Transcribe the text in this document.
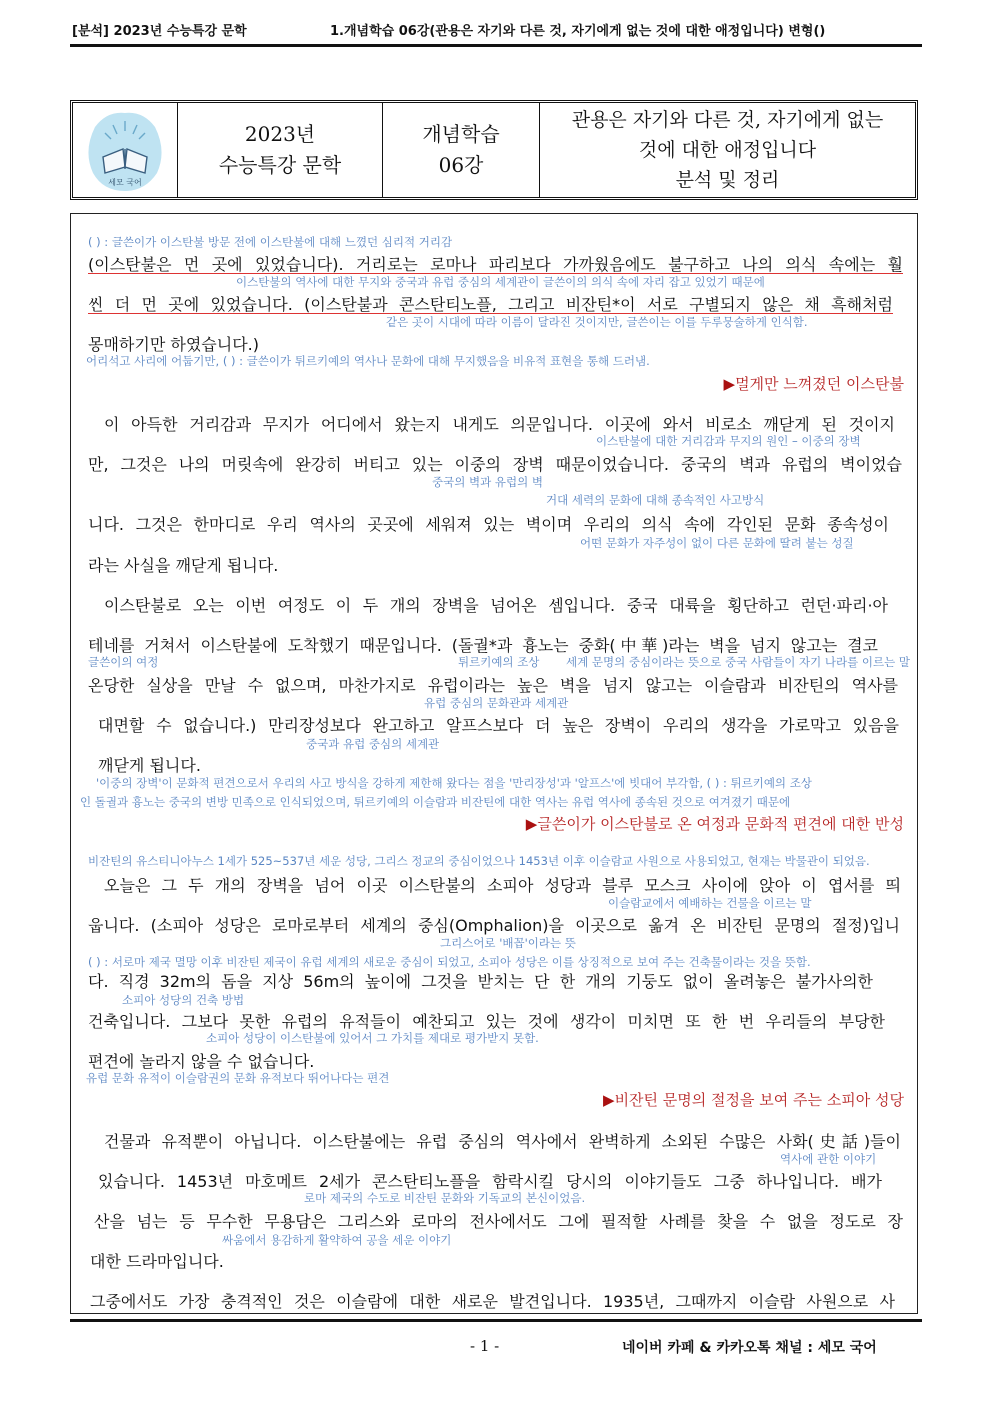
[분석] 2023년 수능특강 문학	1.개념학습 06강(관용은 자기와 다른 것, 자기에게 없는 것에 대한 애정입니다) 변형()
세모 국어
2023년
수능특강 문학
개념학습
06강
관용은 자기와 다른 것, 자기에게 없는
것에 대한 애정입니다
분석 및 정리
( ) : 글쓴이가 이스탄불 방문 전에 이스탄불에 대해 느꼈던 심리적 거리감
(이스탄불은 먼 곳에 있었습니다). 거리로는 로마나 파리보다 가까웠음에도 불구하고 나의 의식 속에는 훨
이스탄불의 역사에 대한 무지와 중국과 유럽 중심의 세계관이 글쓴이의 의식 속에 자리 잡고 있었기 때문에
씬 더 먼 곳에 있었습니다. (이스탄불과 콘스탄티노플, 그리고 비잔틴*이 서로 구별되지 않은 채 흑해처럼
같은 곳이 시대에 따라 이름이 달라진 것이지만, 글쓴이는 이를 두루뭉술하게 인식함.
몽매하기만 하였습니다.)
어리석고 사리에 어둡기만, ( ) : 글쓴이가 튀르키예의 역사나 문화에 대해 무지했음을 비유적 표현을 통해 드러냄.
▶멀게만 느껴졌던 이스탄불
이 아득한 거리감과 무지가 어디에서 왔는지 내게도 의문입니다. 이곳에 와서 비로소 깨닫게 된 것이지
이스탄불에 대한 거리감과 무지의 원인 – 이중의 장벽
만, 그것은 나의 머릿속에 완강히 버티고 있는 이중의 장벽 때문이었습니다. 중국의 벽과 유럽의 벽이었습
중국의 벽과 유럽의 벽
거대 세력의 문화에 대해 종속적인 사고방식
니다. 그것은 한마디로 우리 역사의 곳곳에 세워져 있는 벽이며 우리의 의식 속에 각인된 문화 종속성이
어떤 문화가 자주성이 없이 다른 문화에 딸려 붙는 성질
라는 사실을 깨닫게 됩니다.
이스탄불로 오는 이번 여정도 이 두 개의 장벽을 넘어온 셈입니다. 중국 대륙을 횡단하고 런던·파리·아
테네를 거쳐서 이스탄불에 도착했기 때문입니다. (돌궐*과 흉노는 중화(中華)라는 벽을 넘지 않고는 결코
글쓴이의 여정	튀르키예의 조상 세계 문명의 중심이라는 뜻으로 중국 사람들이 자기 나라를 이르는 말
온당한 실상을 만날 수 없으며, 마찬가지로 유럽이라는 높은 벽을 넘지 않고는 이슬람과 비잔틴의 역사를
유럽 중심의 문화관과 세계관
대면할 수 없습니다.) 만리장성보다 완고하고 알프스보다 더 높은 장벽이 우리의 생각을 가로막고 있음을
중국과 유럽 중심의 세계관
깨닫게 됩니다.
'이중의 장벽'이 문화적 편견으로서 우리의 사고 방식을 강하게 제한해 왔다는 점을 '만리장성'과 '알프스'에 빗대어 부각함, ( ) : 튀르키예의 조상
인 돌궐과 흉노는 중국의 변방 민족으로 인식되었으며, 튀르키예의 이슬람과 비잔틴에 대한 역사는 유럽 역사에 종속된 것으로 여겨졌기 때문에
▶글쓴이가 이스탄불로 온 여정과 문화적 편견에 대한 반성
비잔틴의 유스티니아누스 1세가 525~537년 세운 성당, 그리스 정교의 중심이었으나 1453년 이후 이슬람교 사원으로 사용되었고, 현재는 박물관이 되었음.
오늘은 그 두 개의 장벽을 넘어 이곳 이스탄불의 소피아 성당과 블루 모스크 사이에 앉아 이 엽서를 띄
이슬람교에서 예배하는 건물을 이르는 말
웁니다. (소피아 성당은 로마로부터 세계의 중심(Omphalion)을 이곳으로 옮겨 온 비잔틴 문명의 절정)입니
그리스어로 '배꼽'이라는 뜻
( ) : 서로마 제국 멸망 이후 비잔틴 제국이 유럽 세계의 새로운 중심이 되었고, 소피아 성당은 이를 상징적으로 보여 주는 건축물이라는 것을 뜻함.
다. 직경 32m의 돔을 지상 56m의 높이에 그것을 받치는 단 한 개의 기둥도 없이 올려놓은 불가사의한
소피아 성당의 건축 방법
건축입니다. 그보다 못한 유럽의 유적들이 예찬되고 있는 것에 생각이 미치면 또 한 번 우리들의 부당한
소피아 성당이 이스탄불에 있어서 그 가치를 제대로 평가받지 못함.
편견에 놀라지 않을 수 없습니다.
유럽 문화 유적이 이슬람권의 문화 유적보다 뛰어나다는 편견
▶비잔틴 문명의 절정을 보여 주는 소피아 성당
건물과 유적뿐이 아닙니다. 이스탄불에는 유럽 중심의 역사에서 완벽하게 소외된 수많은 사화(史話)들이
역사에 관한 이야기
있습니다. 1453년 마호메트 2세가 콘스탄티노플을 함락시킬 당시의 이야기들도 그중 하나입니다. 배가
로마 제국의 수도로 비잔틴 문화와 기독교의 본신이었음.
산을 넘는 등 무수한 무용담은 그리스와 로마의 전사에서도 그에 필적할 사례를 찾을 수 없을 정도로 장
싸움에서 용감하게 활약하여 공을 세운 이야기
대한 드라마입니다.
그중에서도 가장 충격적인 것은 이슬람에 대한 새로운 발견입니다. 1935년, 그때까지 이슬람 사원으로 사
- 1 -	네이버 카페 & 카카오톡 채널 : 세모 국어
